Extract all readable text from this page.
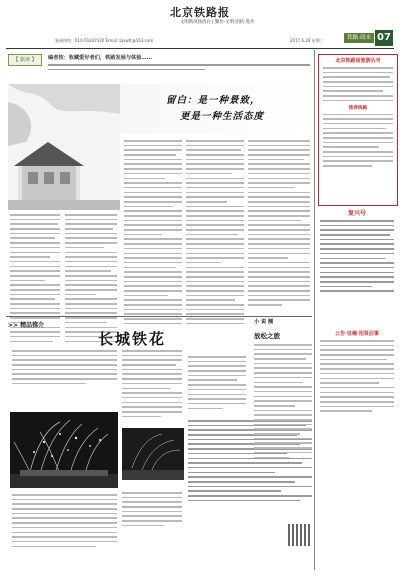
北京铁路报
文明新风扬清白 | 勤俭·文明·团结·进步
新闻热线：010-51847420 Email: bjxwfr@163.com	2017.6.28 星期三	铁路·周末 07
【 旅读 】	编者按：收藏爱好者们，铁路发展与体验……
留白：是一种景致，
更是一种生活态度
>> 精品推介
长城铁花
北京铁路局旅游丛刊
推荐线路
复兴号
公告·征稿·招贤启事
小 说 圈
放松之旅
